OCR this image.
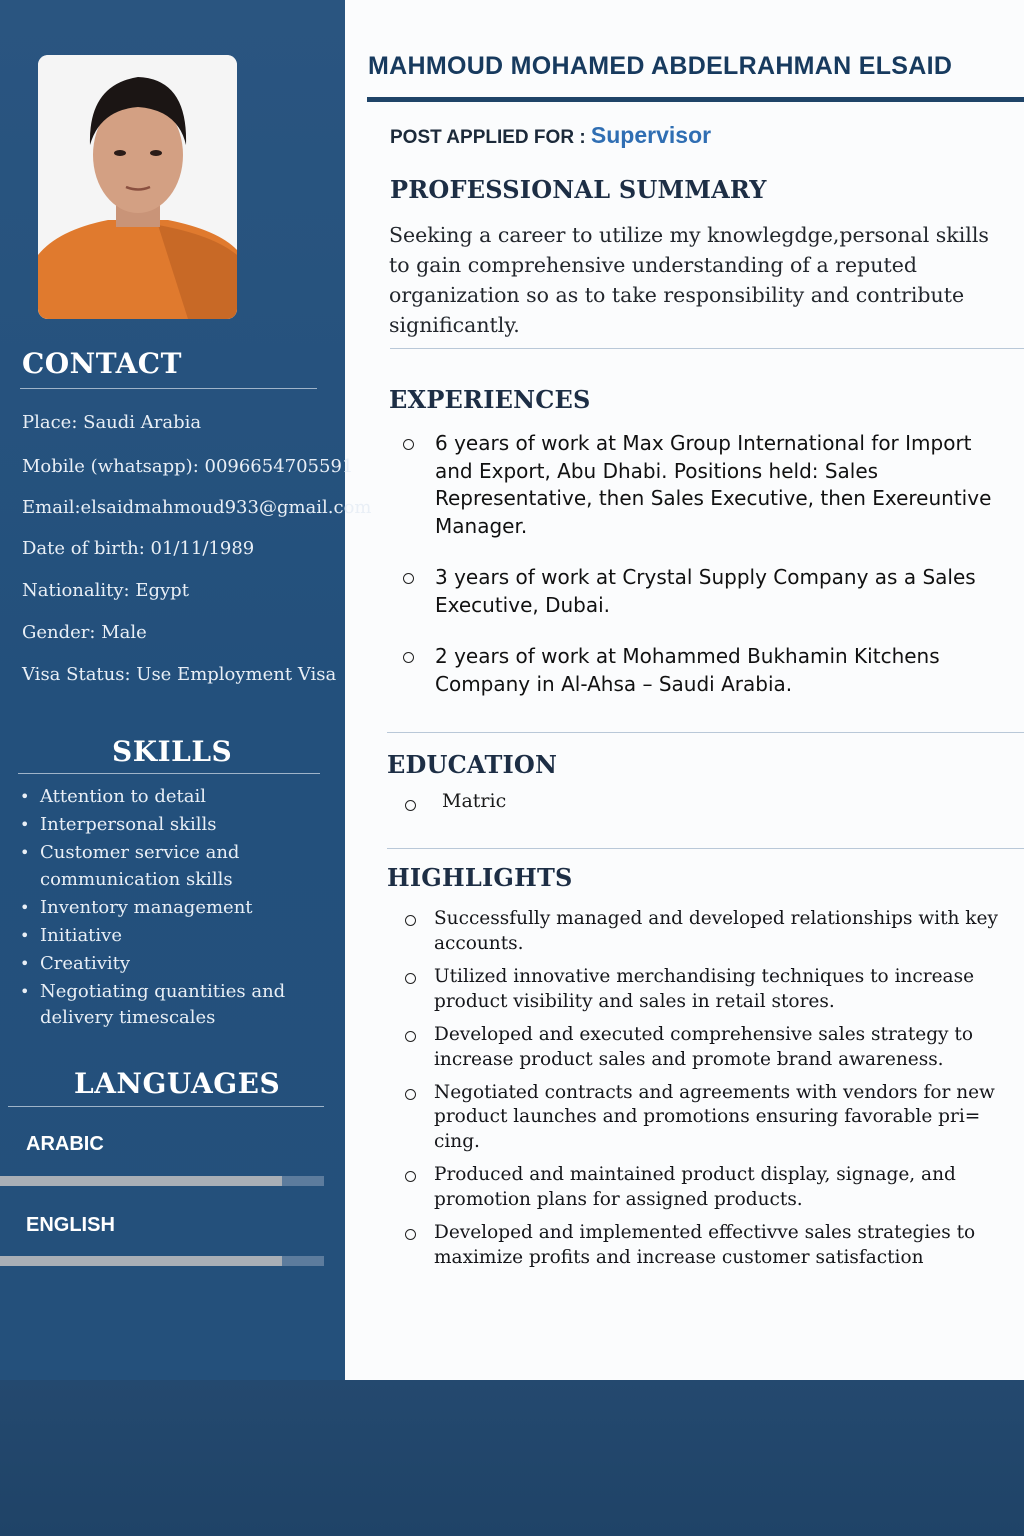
CONTACT
Place: Saudi Arabia
Mobile (whatsapp): 0096654705591
Email:elsaidmahmoud933@gmail.com
Date of birth: 01/11/1989
Nationality: Egypt
Gender: Male
Visa Status: Use Employment Visa
SKILLS
• Attention to detail
• Interpersonal skills
• Customer service and communication skills
• Inventory management
• Initiative
• Creativity
• Negotiating quantities and delivery timescales
LANGUAGES
ARABIC
ENGLISH
MAHMOUD MOHAMED ABDELRAHMAN ELSAID
POST APPLIED FOR : Supervisor
PROFESSIONAL SUMMARY
Seeking a career to utilize my knowlegdge,personal skills to gain comprehensive understanding of a reputed organization so as to take responsibility and contribute significantly.
EXPERIENCES
6 years of work at Max Group International for Import and Export, Abu Dhabi. Positions held: Sales Representative, then Sales Executive, then Exereuntive Manager.
3 years of work at Crystal Supply Company as a Sales Executive, Dubai.
2 years of work at Mohammed Bukhamin Kitchens Company in Al-Ahsa – Saudi Arabia.
EDUCATION
Matric
HIGHLIGHTS
Successfully managed and developed relationships with key accounts.
Utilized innovative merchandising techniques to increase product visibility and sales in retail stores.
Developed and executed comprehensive sales strategy to increase product sales and promote brand awareness.
Negotiated contracts and agreements with vendors for new product launches and promotions ensuring favorable pri= cing.
Produced and maintained product display, signage, and promotion plans for assigned products.
Developed and implemented effectivve sales strategies to maximize profits and increase customer satisfaction
